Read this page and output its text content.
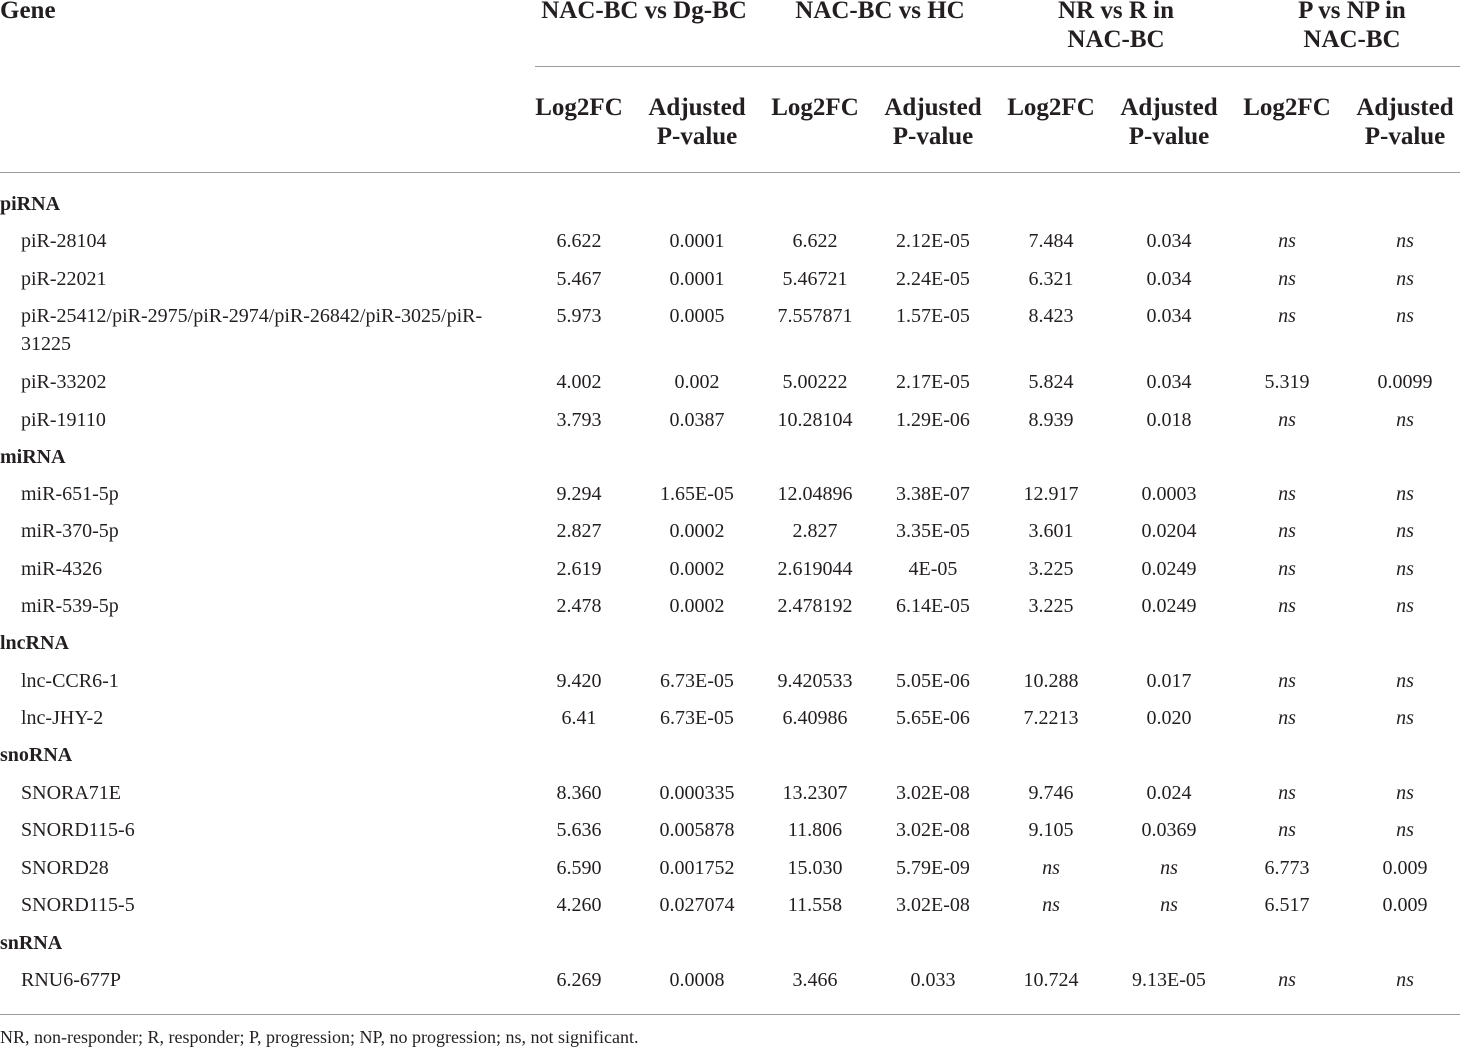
Gene	NAC-BC vs Dg-BC	NAC-BC vs HC	NR vs R in
NAC-BC
P vs NP in
NAC-BC
Log2FC	Adjusted
P-value
Log2FC	Adjusted
P-value
Log2FC	Adjusted
P-value
Log2FC	Adjusted
P-value
piRNA
piR-28104	6.622	0.0001	6.622	2.12E-05	7.484	0.034	ns	ns
piR-22021	5.467	0.0001	5.46721	2.24E-05	6.321	0.034	ns	ns
piR-25412/piR-2975/piR-2974/piR-26842/piR-3025/piR-
31225
5.973	0.0005	7.557871	1.57E-05	8.423	0.034	ns	ns
piR-33202	4.002	0.002	5.00222	2.17E-05	5.824	0.034	5.319	0.0099
piR-19110	3.793	0.0387	10.28104	1.29E-06	8.939	0.018	ns	ns
miRNA
miR-651-5p	9.294	1.65E-05	12.04896	3.38E-07	12.917	0.0003	ns	ns
miR-370-5p	2.827	0.0002	2.827	3.35E-05	3.601	0.0204	ns	ns
miR-4326	2.619	0.0002	2.619044	4E-05	3.225	0.0249	ns	ns
miR-539-5p	2.478	0.0002	2.478192	6.14E-05	3.225	0.0249	ns	ns
lncRNA
lnc-CCR6-1	9.420	6.73E-05	9.420533	5.05E-06	10.288	0.017	ns	ns
lnc-JHY-2	6.41	6.73E-05	6.40986	5.65E-06	7.2213	0.020	ns	ns
snoRNA
SNORA71E	8.360	0.000335	13.2307	3.02E-08	9.746	0.024	ns	ns
SNORD115-6	5.636	0.005878	11.806	3.02E-08	9.105	0.0369	ns	ns
SNORD28	6.590	0.001752	15.030	5.79E-09	ns	ns	6.773	0.009
SNORD115-5	4.260	0.027074	11.558	3.02E-08	ns	ns	6.517	0.009
snRNA
RNU6-677P	6.269	0.0008	3.466	0.033	10.724	9.13E-05	ns	ns
NR, non-responder; R, responder; P, progression; NP, no progression; ns, not significant.
